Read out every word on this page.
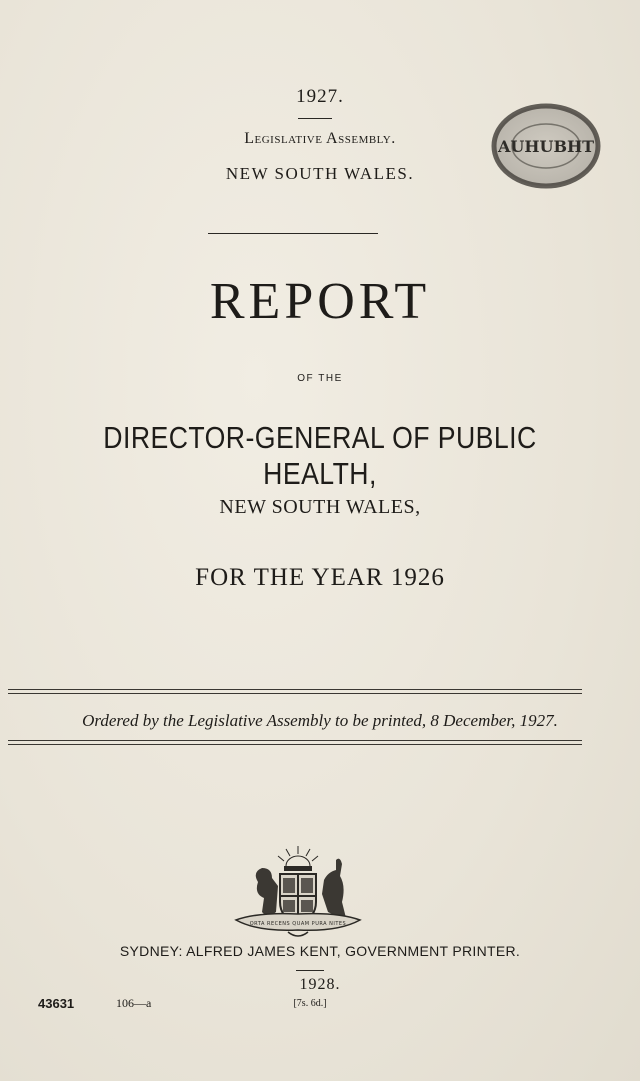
1927.
Legislative Assembly.
NEW SOUTH WALES.
AUHUBHT
REPORT
OF THE
DIRECTOR-GENERAL OF PUBLIC HEALTH,
NEW SOUTH WALES,
FOR THE YEAR 1926
Ordered by the Legislative Assembly to be printed, 8 December, 1927.
ORTA RECENS QUAM PURA NITES
SYDNEY: ALFRED JAMES KENT, GOVERNMENT PRINTER.
1928.
[7s. 6d.]
43631	106—a
